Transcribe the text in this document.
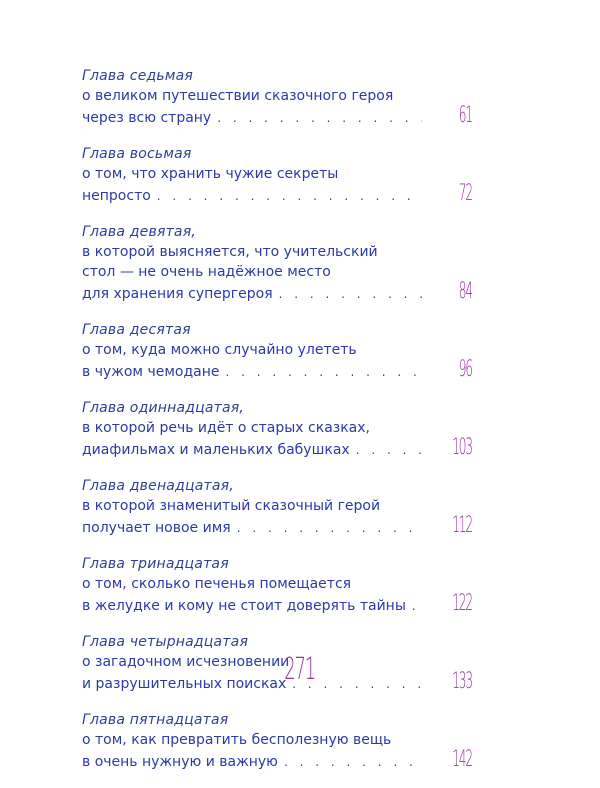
Глава седьмая
о великом путешествии сказочного героя
через всю страну . . .	61
Глава восьмая
о том, что хранить чужие секреты
непросто . . .	72
Глава девятая,
в которой выясняется, что учительский
стол — не очень надёжное место
для хранения супергероя . . .	84
Глава десятая
о том, куда можно случайно улететь
в чужом чемодане . . .	96
Глава одиннадцатая,
в которой речь идёт о старых сказках,
диафильмах и маленьких бабушках . . .	103
Глава двенадцатая,
в которой знаменитый сказочный герой
получает новое имя . . .	112
Глава тринадцатая
о том, сколько печенья помещается
в желудке и кому не стоит доверять тайны . . . 122
Глава четырнадцатая
о загадочном исчезновении
и разрушительных поисках . . .	133
Глава пятнадцатая
о том, как превратить бесполезную вещь
в очень нужную и важную . . .	142
271
